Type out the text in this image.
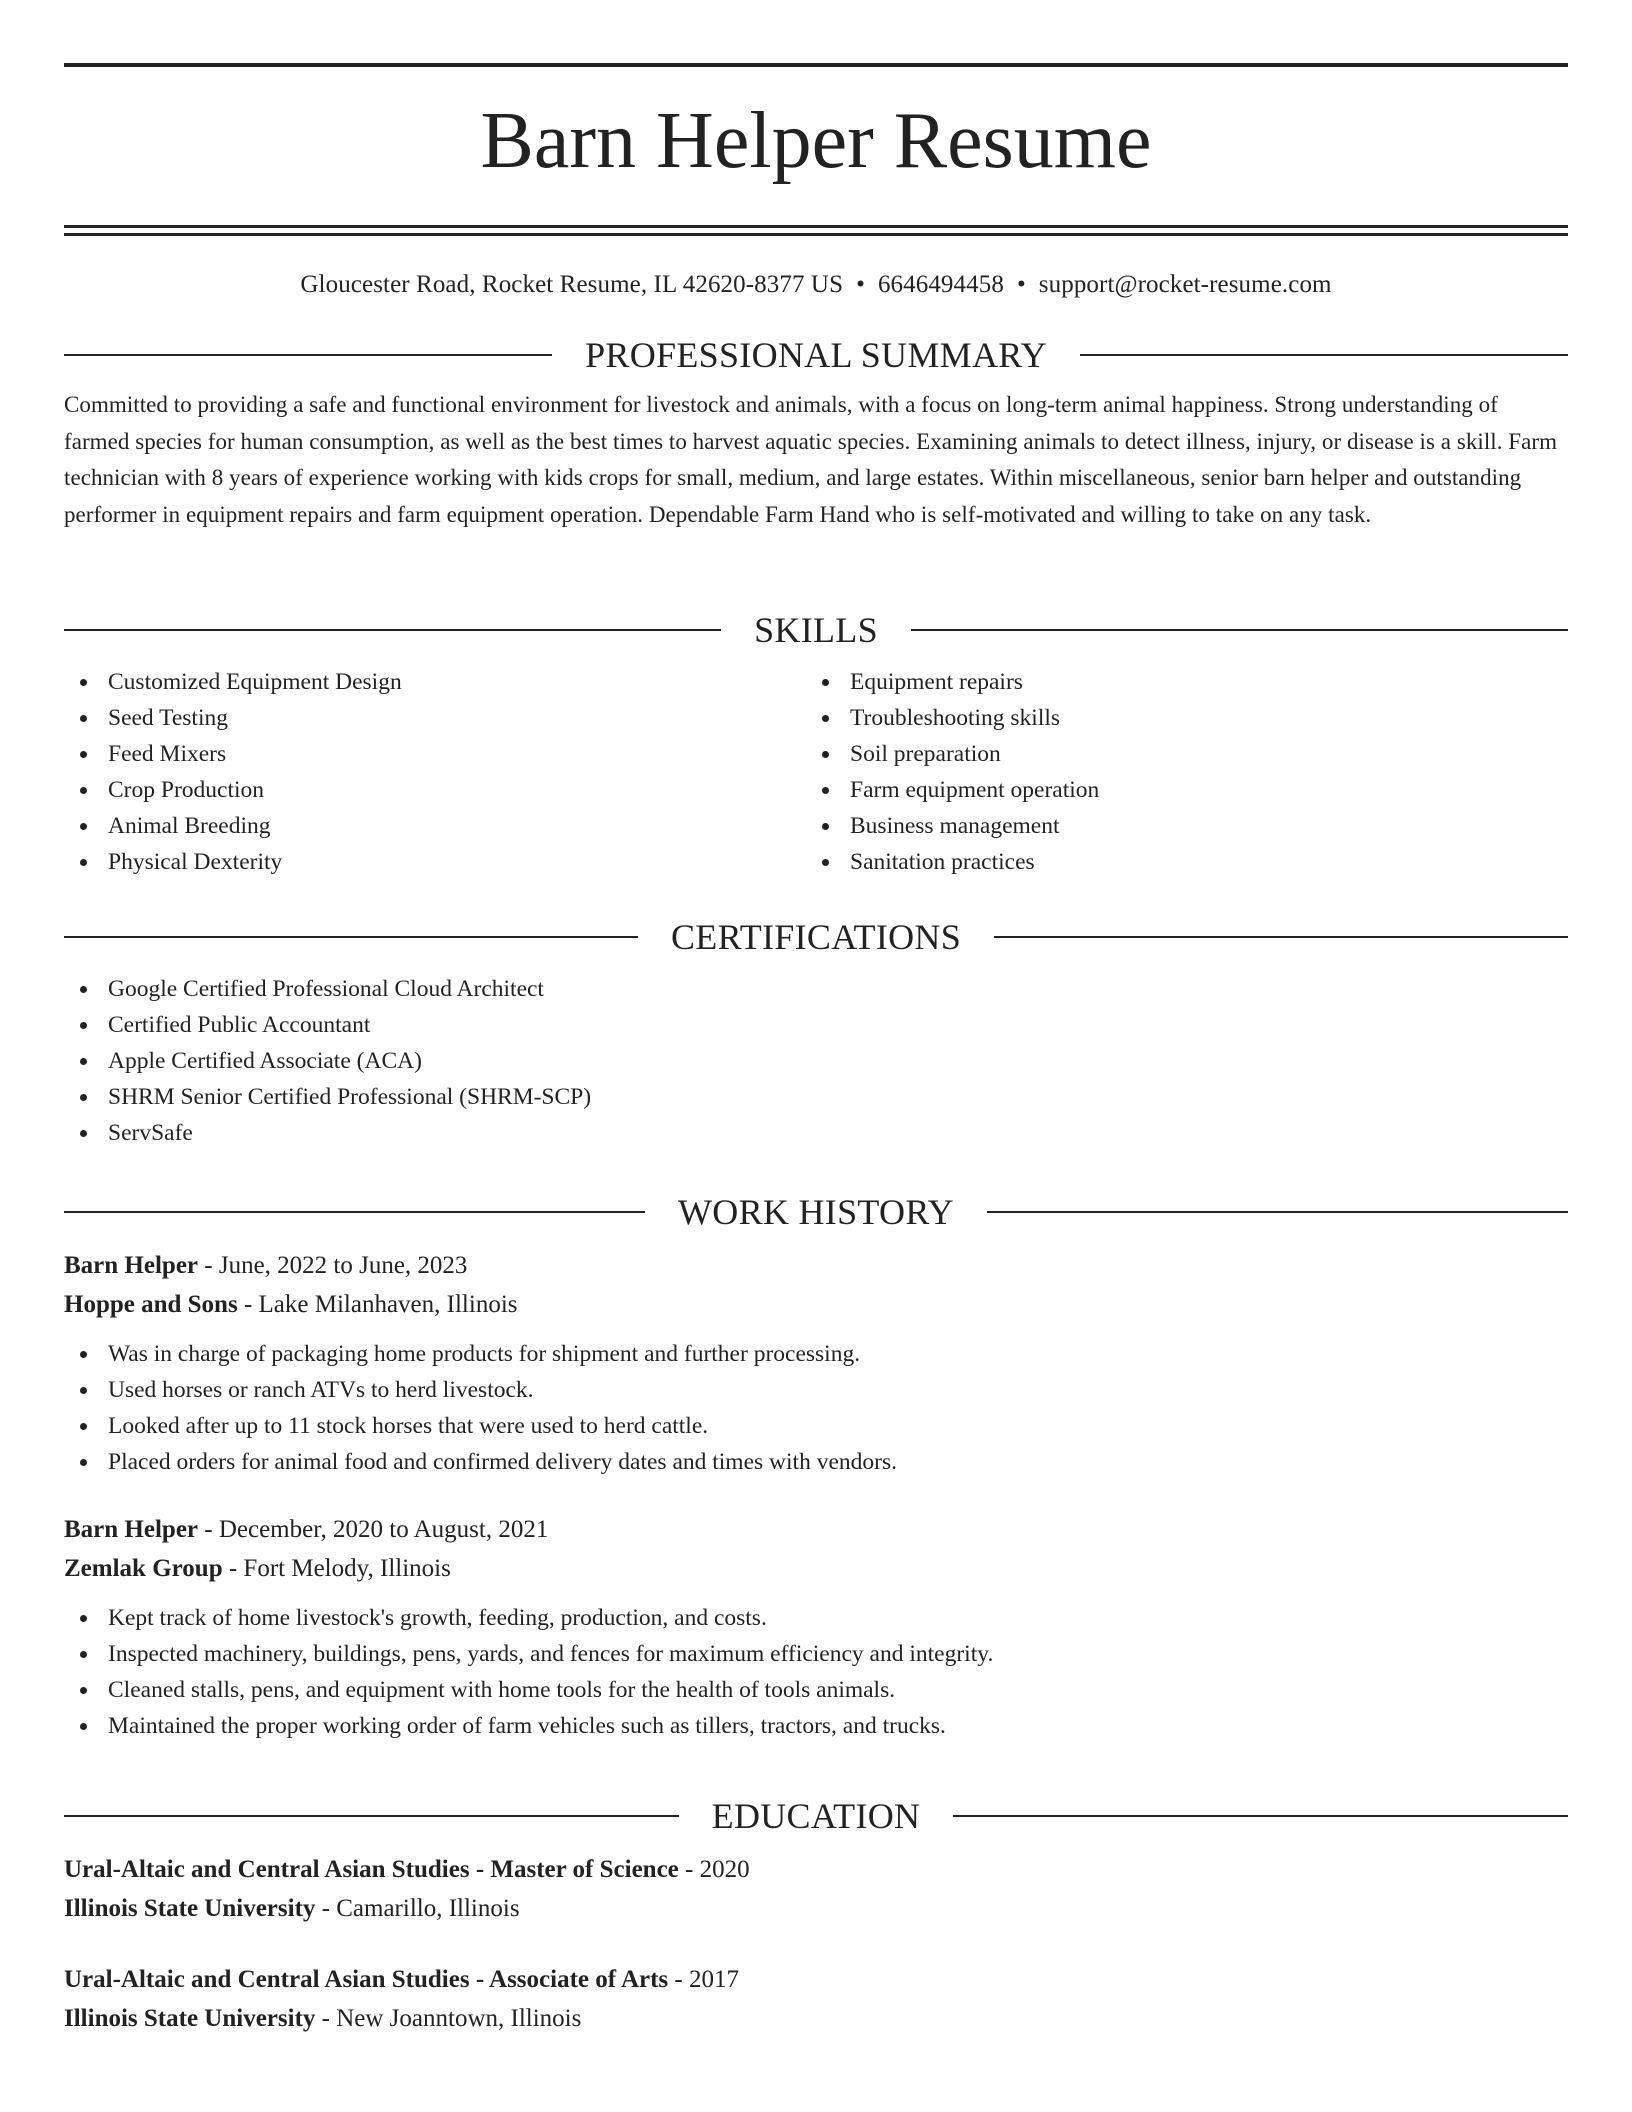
Barn Helper Resume
Gloucester Road, Rocket Resume, IL 42620-8377 US • 6646494458 • support@rocket-resume.com
PROFESSIONAL SUMMARY

Committed to providing a safe and functional environment for livestock and animals, with a focus on long-term animal happiness. Strong understanding of farmed species for human consumption, as well as the best times to harvest aquatic species. Examining animals to detect illness, injury, or disease is a skill. Farm technician with 8 years of experience working with kids crops for small, medium, and large estates. Within miscellaneous, senior barn helper and outstanding performer in equipment repairs and farm equipment operation. Dependable Farm Hand who is self-motivated and willing to take on any task.

SKILLS
Customized Equipment Design
Seed Testing
Feed Mixers
Crop Production
Animal Breeding
Physical Dexterity
Equipment repairs
Troubleshooting skills
Soil preparation
Farm equipment operation
Business management
Sanitation practices
CERTIFICATIONS
Google Certified Professional Cloud Architect
Certified Public Accountant
Apple Certified Associate (ACA)
SHRM Senior Certified Professional (SHRM-SCP)
ServSafe
WORK HISTORY
Barn Helper - June, 2022 to June, 2023
Hoppe and Sons - Lake Milanhaven, Illinois
Was in charge of packaging home products for shipment and further processing.
Used horses or ranch ATVs to herd livestock.
Looked after up to 11 stock horses that were used to herd cattle.
Placed orders for animal food and confirmed delivery dates and times with vendors.
Barn Helper - December, 2020 to August, 2021
Zemlak Group - Fort Melody, Illinois
Kept track of home livestock's growth, feeding, production, and costs.
Inspected machinery, buildings, pens, yards, and fences for maximum efficiency and integrity.
Cleaned stalls, pens, and equipment with home tools for the health of tools animals.
Maintained the proper working order of farm vehicles such as tillers, tractors, and trucks.
EDUCATION
Ural-Altaic and Central Asian Studies - Master of Science - 2020
Illinois State University - Camarillo, Illinois
Ural-Altaic and Central Asian Studies - Associate of Arts - 2017
Illinois State University - New Joanntown, Illinois
